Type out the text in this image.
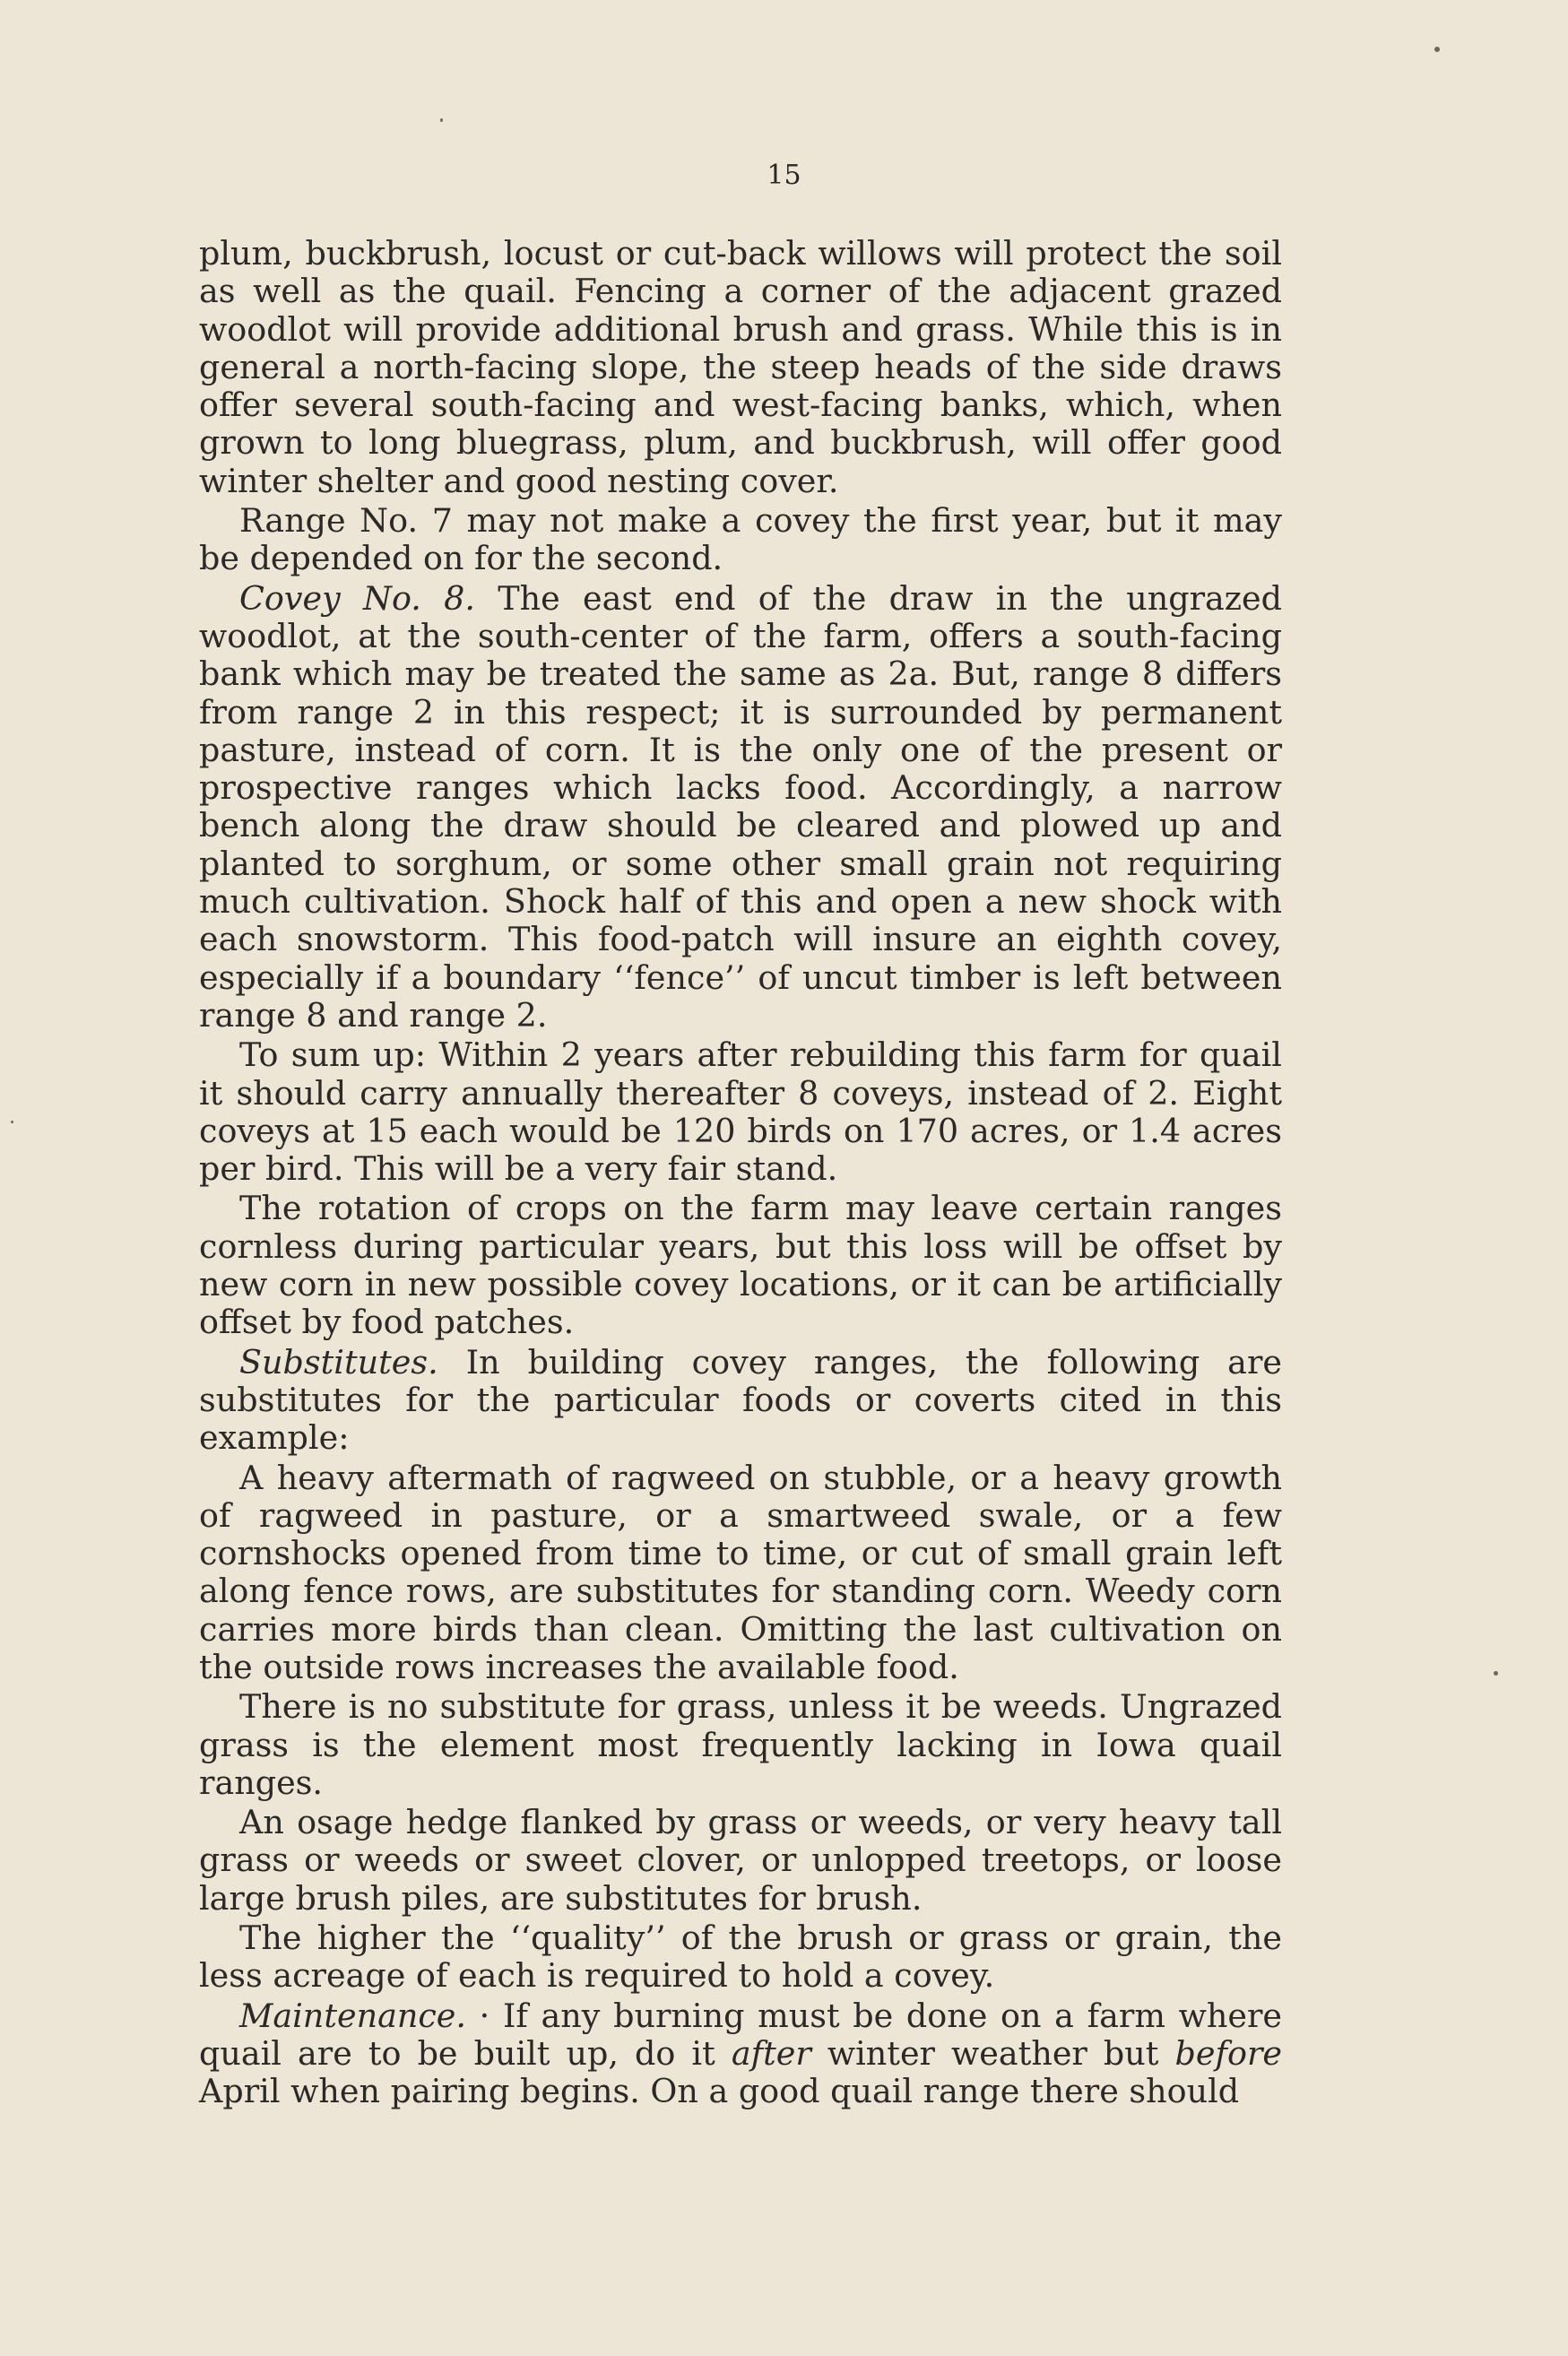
15

plum, buckbrush, locust or cut-back willows will protect the soil as well as the quail. Fencing a corner of the adjacent grazed woodlot will provide additional brush and grass. While this is in general a north-facing slope, the steep heads of the side draws offer several south-facing and west-facing banks, which, when grown to long bluegrass, plum, and buckbrush, will offer good winter shelter and good nesting cover.

Range No. 7 may not make a covey the first year, but it may be depended on for the second.

Covey No. 8. The east end of the draw in the ungrazed woodlot, at the south-center of the farm, offers a south-facing bank which may be treated the same as 2a. But, range 8 differs from range 2 in this respect; it is surrounded by permanent pasture, instead of corn. It is the only one of the present or prospective ranges which lacks food. Accordingly, a narrow bench along the draw should be cleared and plowed up and planted to sorghum, or some other small grain not requiring much cultivation. Shock half of this and open a new shock with each snowstorm. This food-patch will insure an eighth covey, especially if a boundary ‘‘fence’’ of uncut timber is left between range 8 and range 2.

To sum up: Within 2 years after rebuilding this farm for quail it should carry annually thereafter 8 coveys, instead of 2. Eight coveys at 15 each would be 120 birds on 170 acres, or 1.4 acres per bird. This will be a very fair stand.

The rotation of crops on the farm may leave certain ranges cornless during particular years, but this loss will be offset by new corn in new possible covey locations, or it can be artificially offset by food patches.

Substitutes. In building covey ranges, the following are substitutes for the particular foods or coverts cited in this example:

A heavy aftermath of ragweed on stubble, or a heavy growth of ragweed in pasture, or a smartweed swale, or a few cornshocks opened from time to time, or cut of small grain left along fence rows, are substitutes for standing corn. Weedy corn carries more birds than clean. Omitting the last cultivation on the outside rows increases the available food.

There is no substitute for grass, unless it be weeds. Ungrazed grass is the element most frequently lacking in Iowa quail ranges.

An osage hedge flanked by grass or weeds, or very heavy tall grass or weeds or sweet clover, or unlopped treetops, or loose large brush piles, are substitutes for brush.

The higher the ‘‘quality’’ of the brush or grass or grain, the less acreage of each is required to hold a covey.

Maintenance. · If any burning must be done on a farm where quail are to be built up, do it after winter weather but before April when pairing begins. On a good quail range there should
